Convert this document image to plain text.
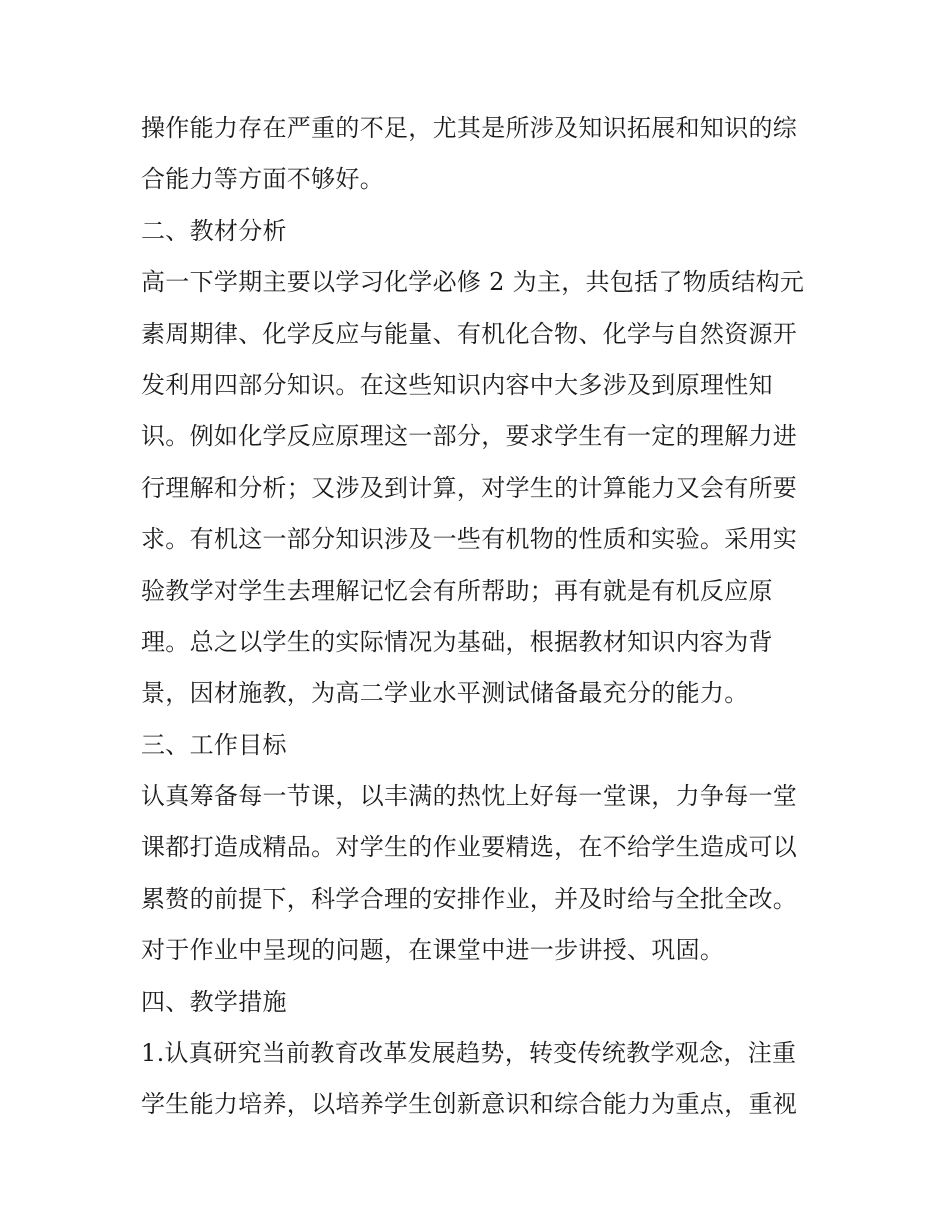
操作能力存在严重的不足，尤其是所涉及知识拓展和知识的综
合能力等方面不够好。
二、教材分析
高一下学期主要以学习化学必修 2 为主，共包括了物质结构元
素周期律、化学反应与能量、有机化合物、化学与自然资源开
发利用四部分知识。在这些知识内容中大多涉及到原理性知
识。例如化学反应原理这一部分，要求学生有一定的理解力进
行理解和分析；又涉及到计算，对学生的计算能力又会有所要
求。有机这一部分知识涉及一些有机物的性质和实验。采用实
验教学对学生去理解记忆会有所帮助；再有就是有机反应原
理。总之以学生的实际情况为基础，根据教材知识内容为背
景，因材施教，为高二学业水平测试储备最充分的能力。
三、工作目标
认真筹备每一节课，以丰满的热忱上好每一堂课，力争每一堂
课都打造成精品。对学生的作业要精选，在不给学生造成可以
累赘的前提下，科学合理的安排作业，并及时给与全批全改。
对于作业中呈现的问题，在课堂中进一步讲授、巩固。
四、教学措施
1.认真研究当前教育改革发展趋势，转变传统教学观念，注重
学生能力培养，以培养学生创新意识和综合能力为重点，重视
